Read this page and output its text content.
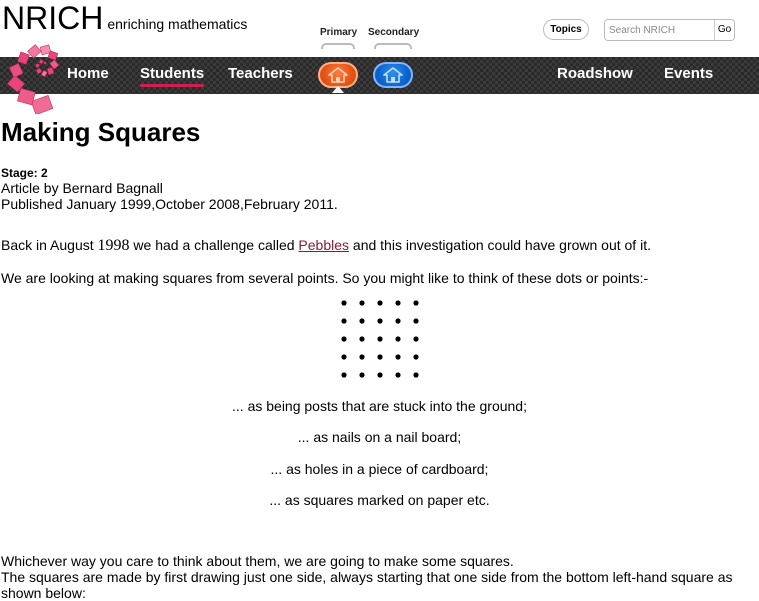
NRICH enriching mathematics
Primary Secondary	Topics
Search NRICH	Go
Home Students Teachers	Roadshow Events
Making Squares
Stage: 2
Article by Bernard Bagnall
Published January 1999,October 2008,February 2011.

Back in August 1998 we had a challenge called Pebbles and this investigation could have grown out of it.

We are looking at making squares from several points. So you might like to think of these dots or points:-

... as being posts that are stuck into the ground;
... as nails on a nail board;
... as holes in a piece of cardboard;
... as squares marked on paper etc.
Whichever way you care to think about them, we are going to make some squares.
The squares are made by first drawing just one side, always starting that one side from the bottom left-hand square as shown below:
